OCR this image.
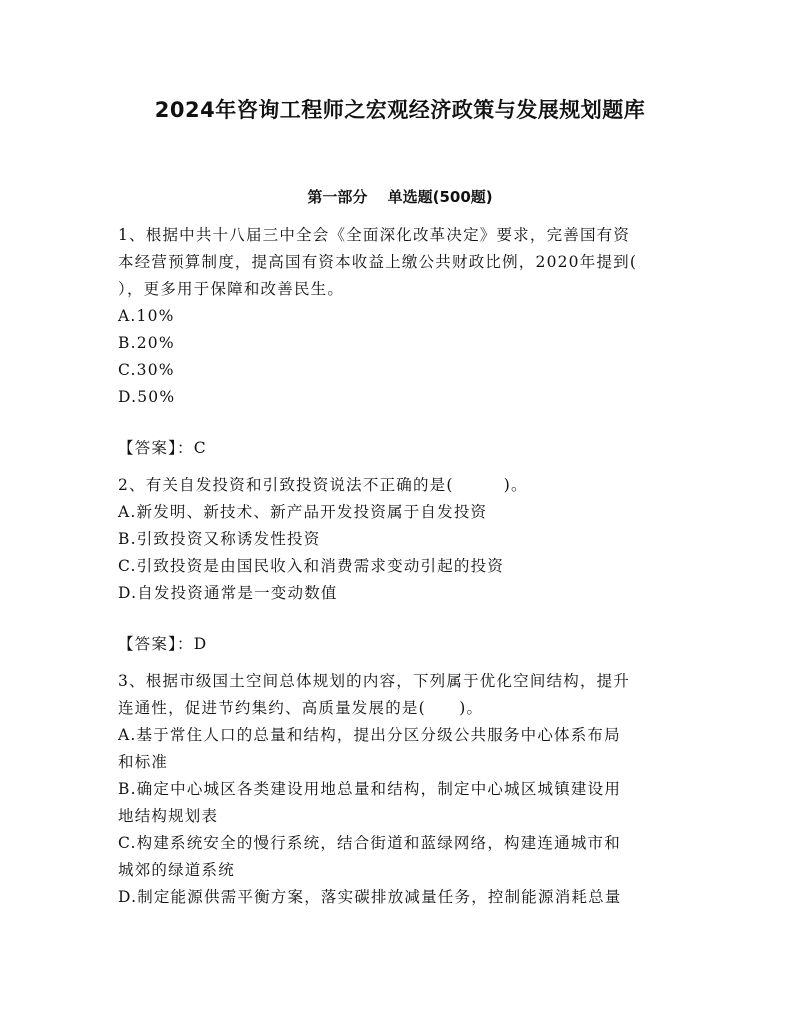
2024年咨询工程师之宏观经济政策与发展规划题库
第一部分　 单选题(500题)
1、根据中共十八届三中全会《全面深化改革决定》要求，完善国有资
本经营预算制度，提高国有资本收益上缴公共财政比例，2020年提到(
），更多用于保障和改善民生。
A.10%
B.20%
C.30%
D.50%
【答案】：C
2、有关自发投资和引致投资说法不正确的是(　　　)。
A.新发明、新技术、新产品开发投资属于自发投资
B.引致投资又称诱发性投资
C.引致投资是由国民收入和消费需求变动引起的投资
D.自发投资通常是一变动数值
【答案】：D
3、根据市级国土空间总体规划的内容，下列属于优化空间结构，提升
连通性，促进节约集约、高质量发展的是(　　)。
A.基于常住人口的总量和结构，提出分区分级公共服务中心体系布局
和标准
B.确定中心城区各类建设用地总量和结构，制定中心城区城镇建设用
地结构规划表
C.构建系统安全的慢行系统，结合街道和蓝绿网络，构建连通城市和
城郊的绿道系统
D.制定能源供需平衡方案，落实碳排放减量任务，控制能源消耗总量
